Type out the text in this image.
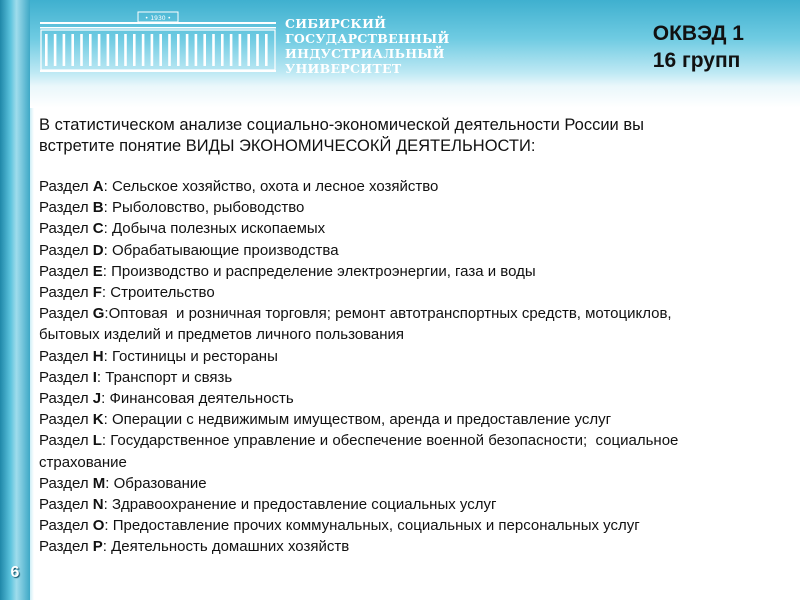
6
• 1930 •	СИБИРСКИЙ
ГОСУДАРСТВЕННЫЙ
ИНДУСТРИАЛЬНЫЙ
УНИВЕРСИТЕТ
ОКВЭД 1
16 групп

В статистическом анализе социально-экономической деятельности России вы

встретите понятие ВИДЫ ЭКОНОМИЧЕСОКЙ ДЕЯТЕЛЬНОСТИ:

Раздел A: Сельское хозяйство, охота и лесное хозяйство

Раздел B: Рыболовство, рыбоводство

Раздел C: Добыча полезных ископаемых

Раздел D: Обрабатывающие производства

Раздел E: Производство и распределение электроэнергии, газа и воды

Раздел F: Строительство

Раздел G:Оптовая  и розничная торговля; ремонт автотранспортных средств, мотоциклов,

бытовых изделий и предметов личного пользования

Раздел H: Гостиницы и рестораны

Раздел I: Транспорт и связь

Раздел J: Финансовая деятельность

Раздел K: Операции с недвижимым имуществом, аренда и предоставление услуг

Раздел L: Государственное управление и обеспечение военной безопасности;  социальное

страхование

Раздел M: Образование

Раздел N: Здравоохранение и предоставление социальных услуг

Раздел O: Предоставление прочих коммунальных, социальных и персональных услуг

Раздел P: Деятельность домашних хозяйств
